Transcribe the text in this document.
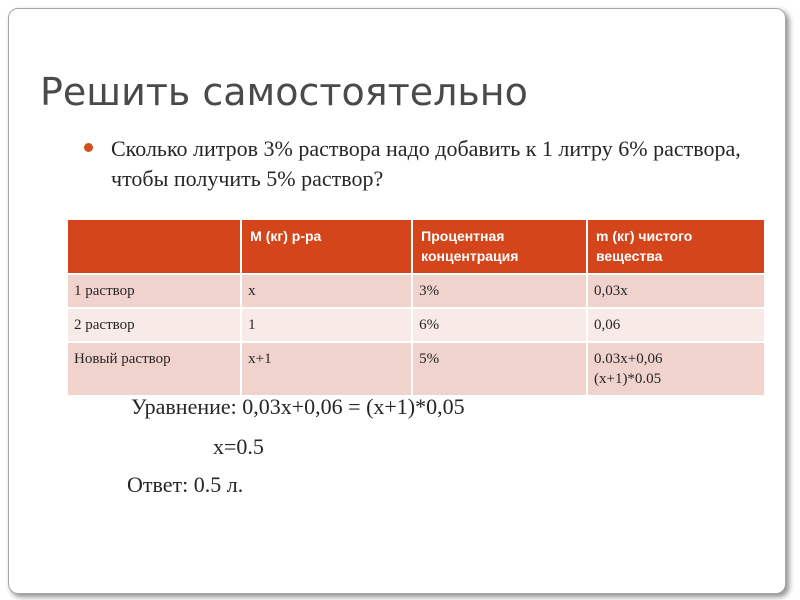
Решить самостоятельно
Сколько литров 3% раствора надо добавить к 1 литру 6% раствора, чтобы получить 5% раствор?
	М (кг) р-ра	Процентная концентрация	m (кг) чистого вещества
1 раствор	x	3%	0,03x
2 раствор	1	6%	0,06
Новый раствор	x+1	5%	0.03x+0,06
(x+1)*0.05
Уравнение: 0,03x+0,06 = (x+1)*0,05
x=0.5
Ответ: 0.5 л.
